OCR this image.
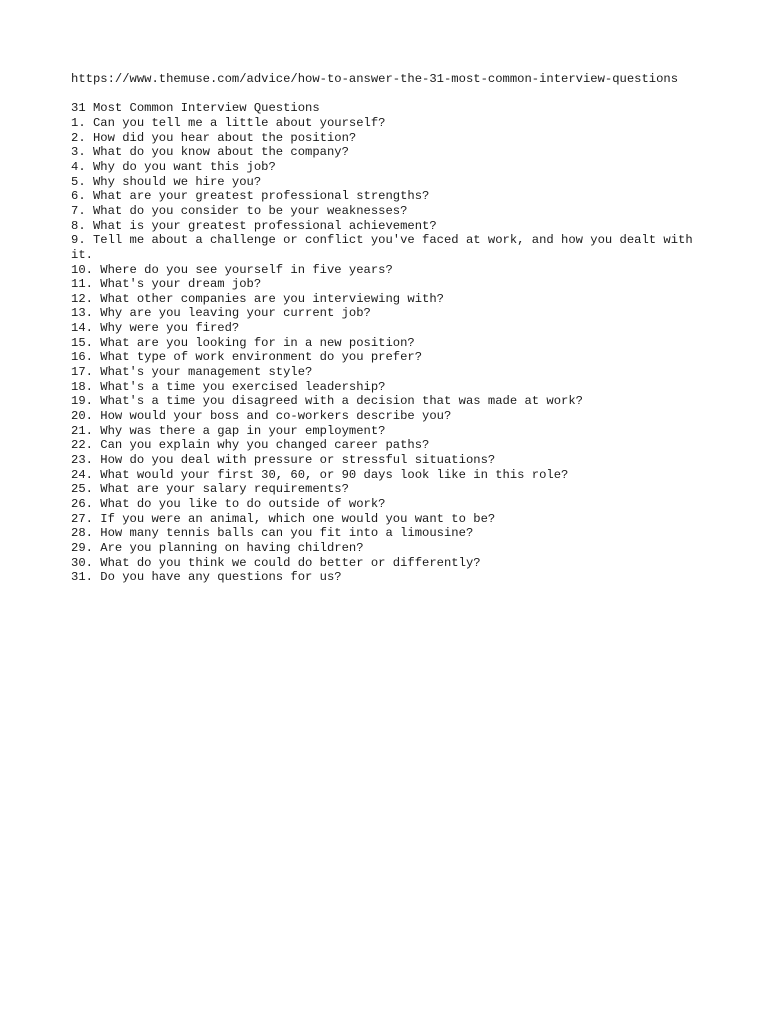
https://www.themuse.com/advice/how-to-answer-the-31-most-common-interview-questions
31 Most Common Interview Questions
1. Can you tell me a little about yourself?
2. How did you hear about the position?
3. What do you know about the company?
4. Why do you want this job?
5. Why should we hire you?
6. What are your greatest professional strengths?
7. What do you consider to be your weaknesses?
8. What is your greatest professional achievement?
9. Tell me about a challenge or conflict you've faced at work, and how you dealt with it.
10. Where do you see yourself in five years?
11. What's your dream job?
12. What other companies are you interviewing with?
13. Why are you leaving your current job?
14. Why were you fired?
15. What are you looking for in a new position?
16. What type of work environment do you prefer?
17. What's your management style?
18. What's a time you exercised leadership?
19. What's a time you disagreed with a decision that was made at work?
20. How would your boss and co-workers describe you?
21. Why was there a gap in your employment?
22. Can you explain why you changed career paths?
23. How do you deal with pressure or stressful situations?
24. What would your first 30, 60, or 90 days look like in this role?
25. What are your salary requirements?
26. What do you like to do outside of work?
27. If you were an animal, which one would you want to be?
28. How many tennis balls can you fit into a limousine?
29. Are you planning on having children?
30. What do you think we could do better or differently?
31. Do you have any questions for us?
